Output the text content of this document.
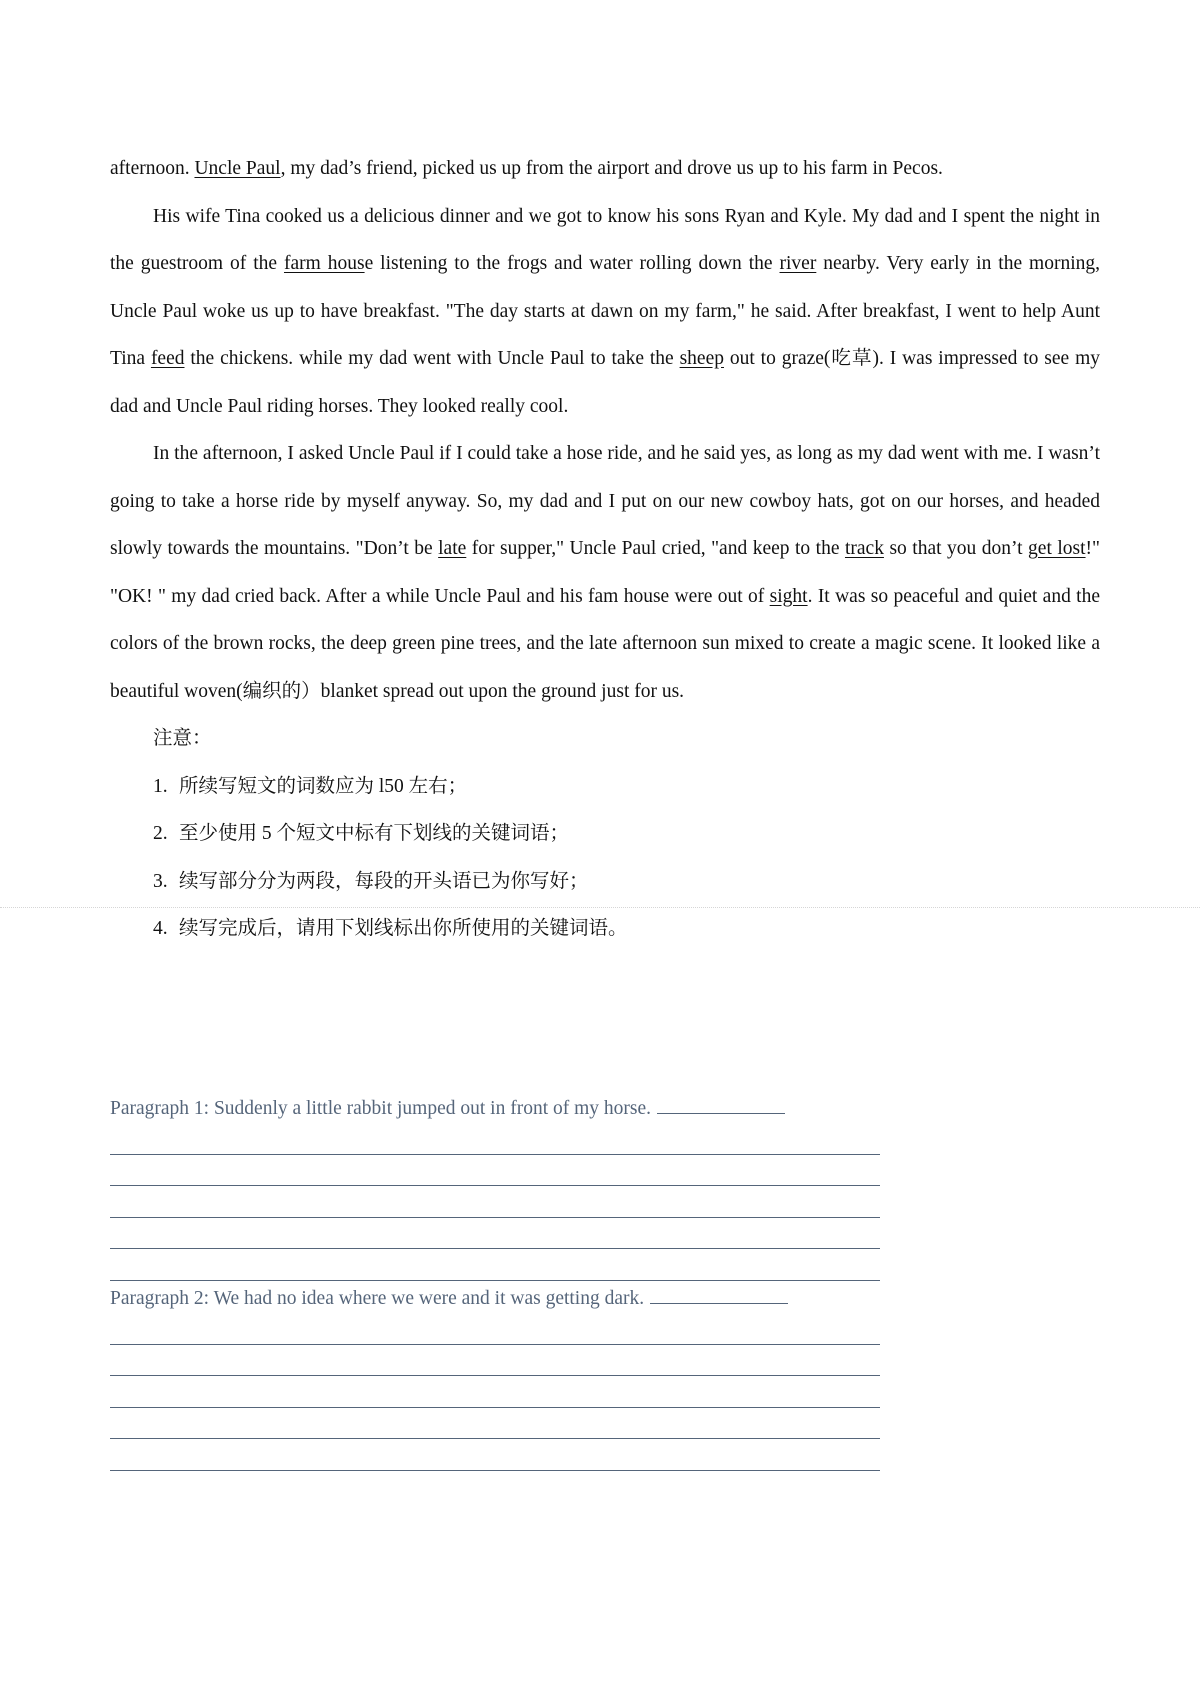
afternoon. Uncle Paul, my dad’s friend, picked us up from the airport and drove us up to his farm in Pecos.

His wife Tina cooked us a delicious dinner and we got to know his sons Ryan and Kyle. My dad and I spent the night in the guestroom of the farm house listening to the frogs and water rolling down the river nearby. Very early in the morning, Uncle Paul woke us up to have breakfast. "The day starts at dawn on my farm," he said. After breakfast, I went to help Aunt Tina feed the chickens. while my dad went with Uncle Paul to take the sheep out to graze(吃草). I was impressed to see my dad and Uncle Paul riding horses. They looked really cool.

In the afternoon, I asked Uncle Paul if I could take a hose ride, and he said yes, as long as my dad went with me. I wasn’t going to take a horse ride by myself anyway. So, my dad and I put on our new cowboy hats, got on our horses, and headed slowly towards the mountains. "Don’t be late for supper," Uncle Paul cried, "and keep to the track so that you don’t get lost!" "OK! " my dad cried back. After a while Uncle Paul and his fam house were out of sight. It was so peaceful and quiet and the colors of the brown rocks, the deep green pine trees, and the late afternoon sun mixed to create a magic scene. It looked like a beautiful woven(编织的）blanket spread out upon the ground just for us.

注意：
1. 所续写短文的词数应为 l50 左右；
2. 至少使用 5 个短文中标有下划线的关键词语；
3. 续写部分分为两段，每段的开头语已为你写好；
4. 续写完成后，请用下划线标出你所使用的关键词语。
Paragraph 1: Suddenly a little rabbit jumped out in front of my horse.
Paragraph 2: We had no idea where we were and it was getting dark.
